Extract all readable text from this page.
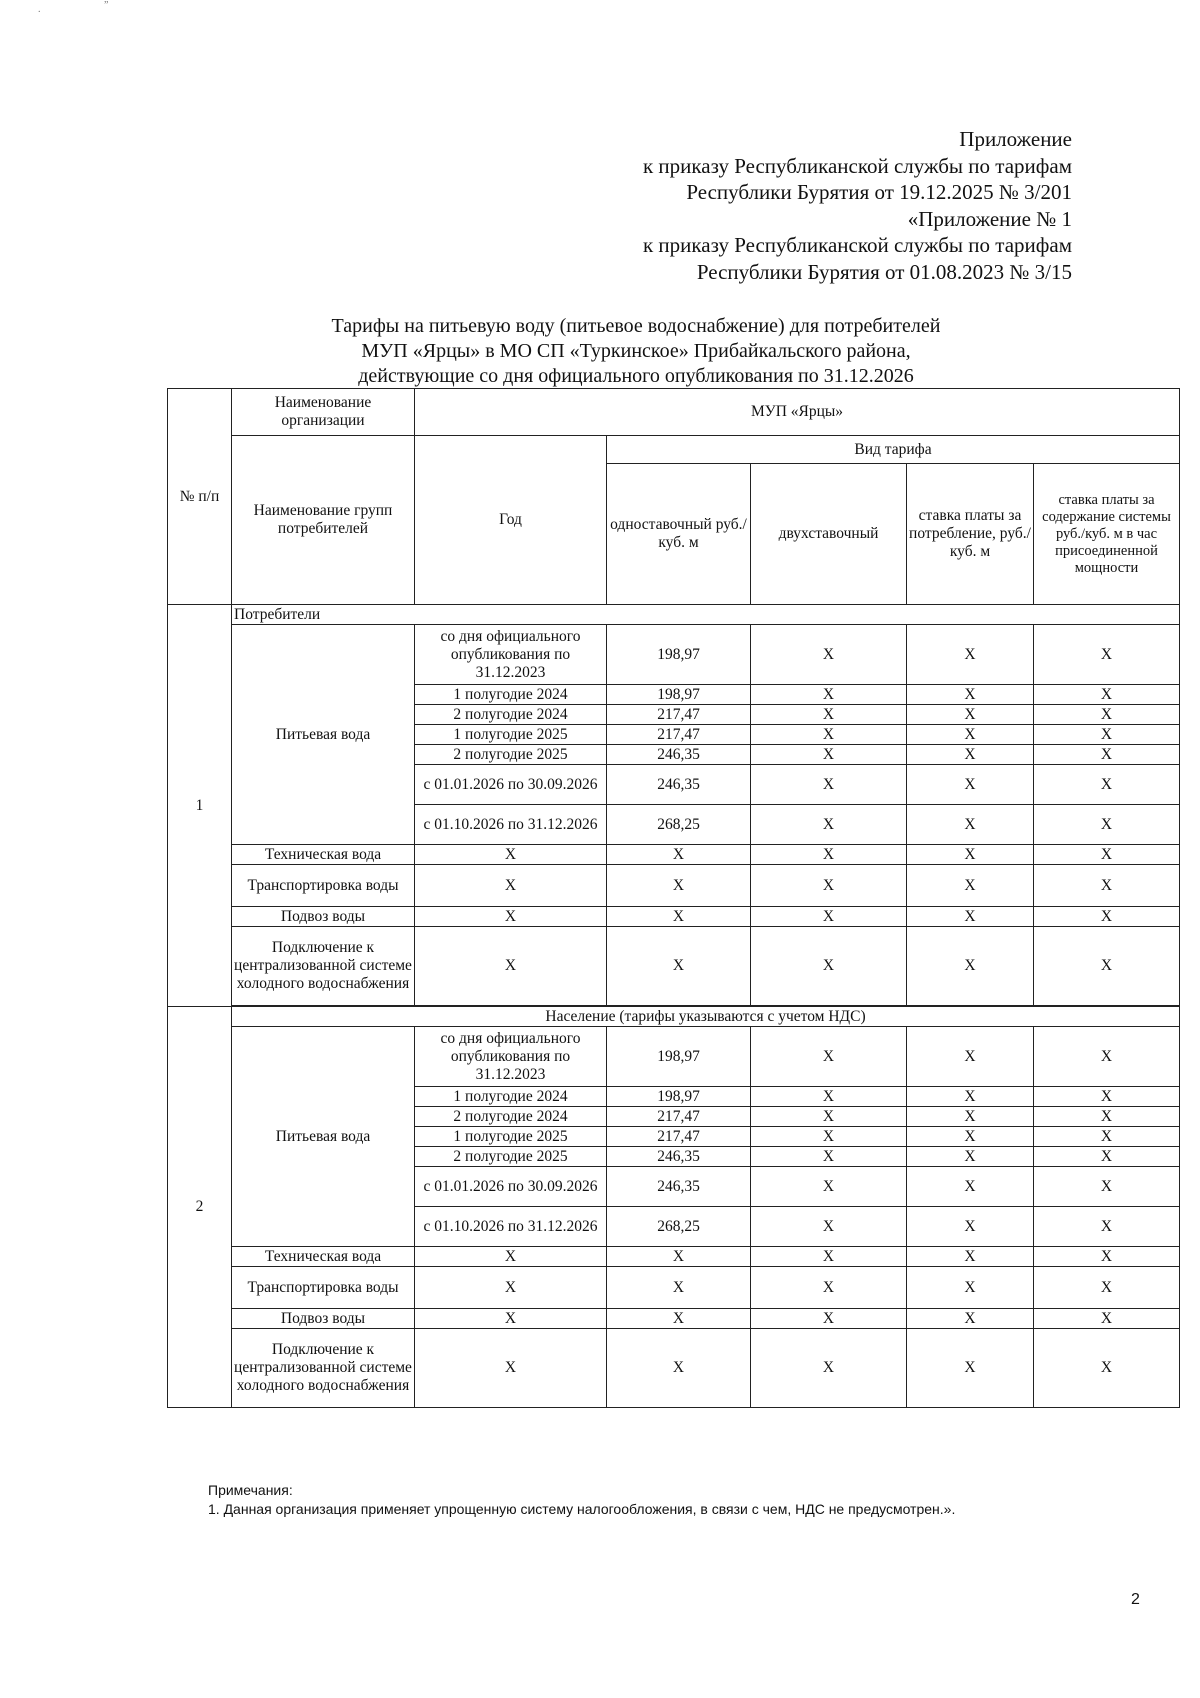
.
Приложение
к приказу Республиканской службы по тарифам
Республики Бурятия от 19.12.2025 № 3/201
«Приложение № 1
к приказу Республиканской службы по тарифам
Республики Бурятия от 01.08.2023 № 3/15
Тарифы на питьевую воду (питьевое водоснабжение) для потребителей
МУП «Ярцы» в МО СП «Туркинское» Прибайкальского района,
действующие со дня официального опубликования по 31.12.2026
№ п/п	Наименование организации	МУП «Ярцы»				
	Наименование групп потребителей	Год	Вид тарифа			
			одноставочный руб./ куб. м	двухставочный	ставка платы за потребление, руб./ куб. м	ставка платы за содержание системы руб./куб. м в час присоединенной мощности
1	Потребители					
	Питьевая вода	со дня официального опубликования по 31.12.2023	198,97	X	X	X
		1 полугодие 2024	198,97	X	X	X
		2 полугодие 2024	217,47	X	X	X
		1 полугодие 2025	217,47	X	X	X
		2 полугодие 2025	246,35	X	X	X
		с 01.01.2026 по 30.09.2026	246,35	X	X	X
		с 01.10.2026 по 31.12.2026	268,25	X	X	X
	Техническая вода	X	X	X	X	X
	Транспортировка воды	X	X	X	X	X
	Подвоз воды	X	X	X	X	X
	Подключение к централизованной системе холодного водоснабжения	X	X	X	X	X

2	Население (тарифы указываются с учетом НДС)					
	Питьевая вода	со дня официального опубликования по 31.12.2023	198,97	X	X	X
		1 полугодие 2024	198,97	X	X	X
		2 полугодие 2024	217,47	X	X	X
		1 полугодие 2025	217,47	X	X	X
		2 полугодие 2025	246,35	X	X	X
		с 01.01.2026 по 30.09.2026	246,35	X	X	X
		с 01.10.2026 по 31.12.2026	268,25	X	X	X
	Техническая вода	X	X	X	X	X
	Транспортировка воды	X	X	X	X	X
	Подвоз воды	X	X	X	X	X
	Подключение к централизованной системе холодного водоснабжения	X	X	X	X	X
Примечания:
1. Данная организация применяет упрощенную систему налогообложения, в связи с чем, НДС не предусмотрен.».
2
